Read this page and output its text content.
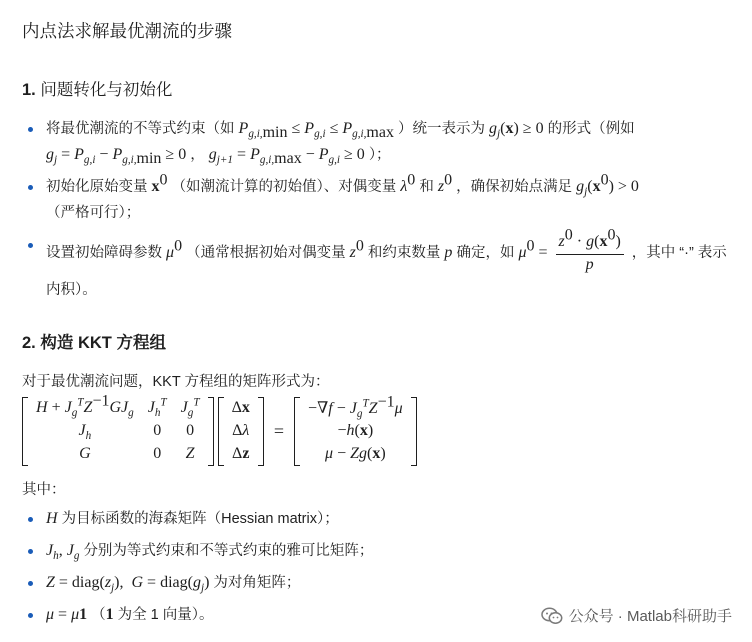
内点法求解最优潮流的步骤
1. 问题转化与初始化
将最优潮流的不等式约束（如 $P_{g,i,min} \le P_{g,i} \le P_{g,i,max}$ ）统一表示为 $g_j(x) \ge 0$ 的形式（例如
$g_j = P_{g,i} - P_{g,i,min} \ge 0$ ， $g_{j+1} = P_{g,i,max} - P_{g,i} \ge 0$ ）；
初始化原始变量 $x^0$ （如潮流计算的初始值）、对偶变量 $\lambda^0$ 和 $z^0$ ，确保初始点满足 $g_j(x^0) > 0$
（严格可行）；
设置初始障碍参数 $\mu^0$ （通常根据初始对偶变量 $z^0$ 和约束数量 p 确定，如 $\mu^0 = \frac{z^0 \cdot g(x^0)}{p}$ ，其中 “·” 表示内积）。
2. 构造 KKT 方程组
对于最优潮流问题，KKT 方程组的矩阵形式为：
$H + J_g^TZ^{-1}GJ_g$	$J_h^T$	$J_g^T$
$J_h$	0	0
G	0	Z
Δx
Δλ
Δz
=
$-\nabla f - J_g^TZ^{-1}\mu$
−h(x)
μ − Zg(x)
其中：
H 为目标函数的海森矩阵（Hessian matrix）；
$J_h$, $J_g$ 分别为等式约束和不等式约束的雅可比矩阵；
$Z = diag(z_j)$,  $G = diag(g_j)$ 为对角矩阵；
μ = μ1 （1 为全 1 向量）。	公众号 · Matlab科研助手
